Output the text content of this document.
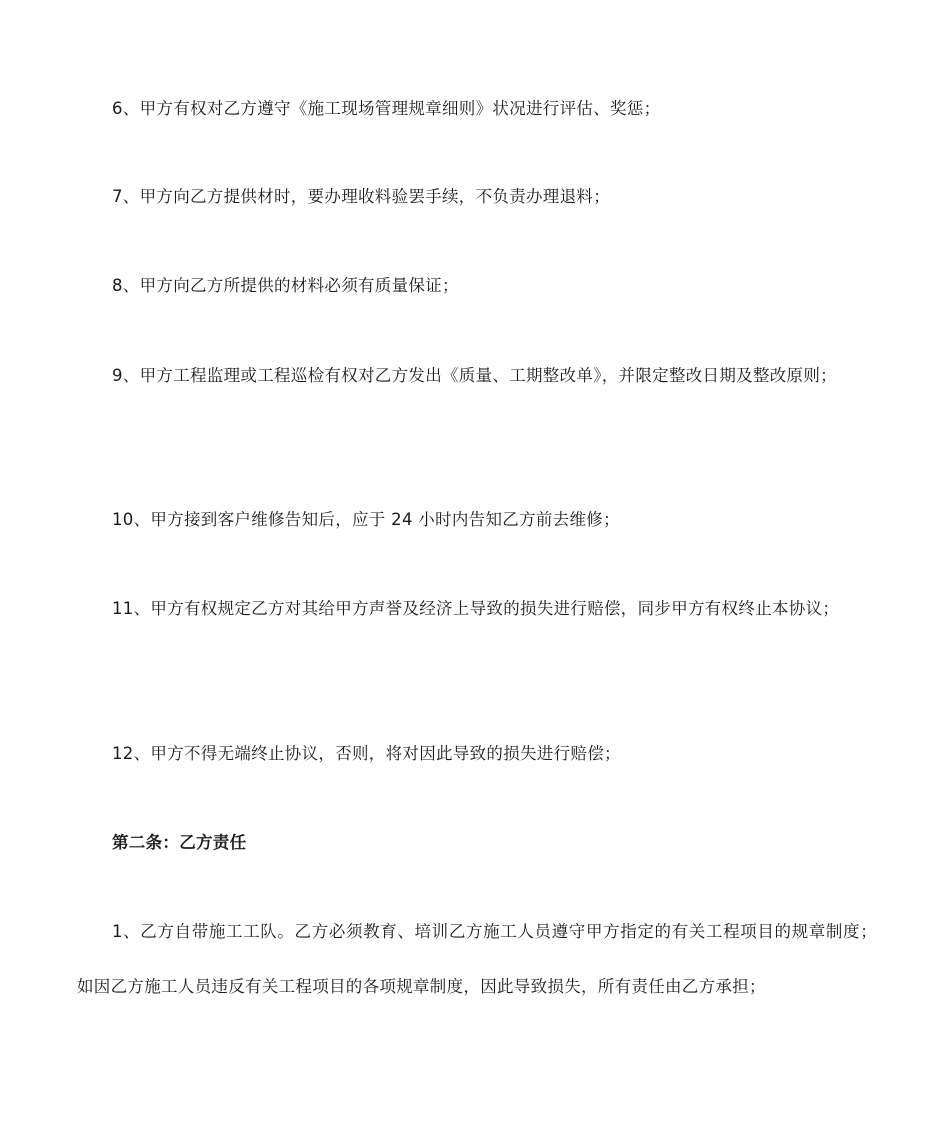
6、甲方有权对乙方遵守《施工现场管理规章细则》状况进行评估、奖惩；

7、甲方向乙方提供材时，要办理收料验罢手续，不负责办理退料；

8、甲方向乙方所提供的材料必须有质量保证；

9、甲方工程监理或工程巡检有权对乙方发出《质量、工期整改单》，并限定整改日期及整改原则；

10、甲方接到客户维修告知后，应于 24 小时内告知乙方前去维修；

11、甲方有权规定乙方对其给甲方声誉及经济上导致的损失进行赔偿，同步甲方有权终止本协议；

12、甲方不得无端终止协议，否则，将对因此导致的损失进行赔偿；

第二条：乙方责任

1、乙方自带施工工队。乙方必须教育、培训乙方施工人员遵守甲方指定的有关工程项目的规章制度；如因乙方施工人员违反有关工程项目的各项规章制度，因此导致损失，所有责任由乙方承担；
